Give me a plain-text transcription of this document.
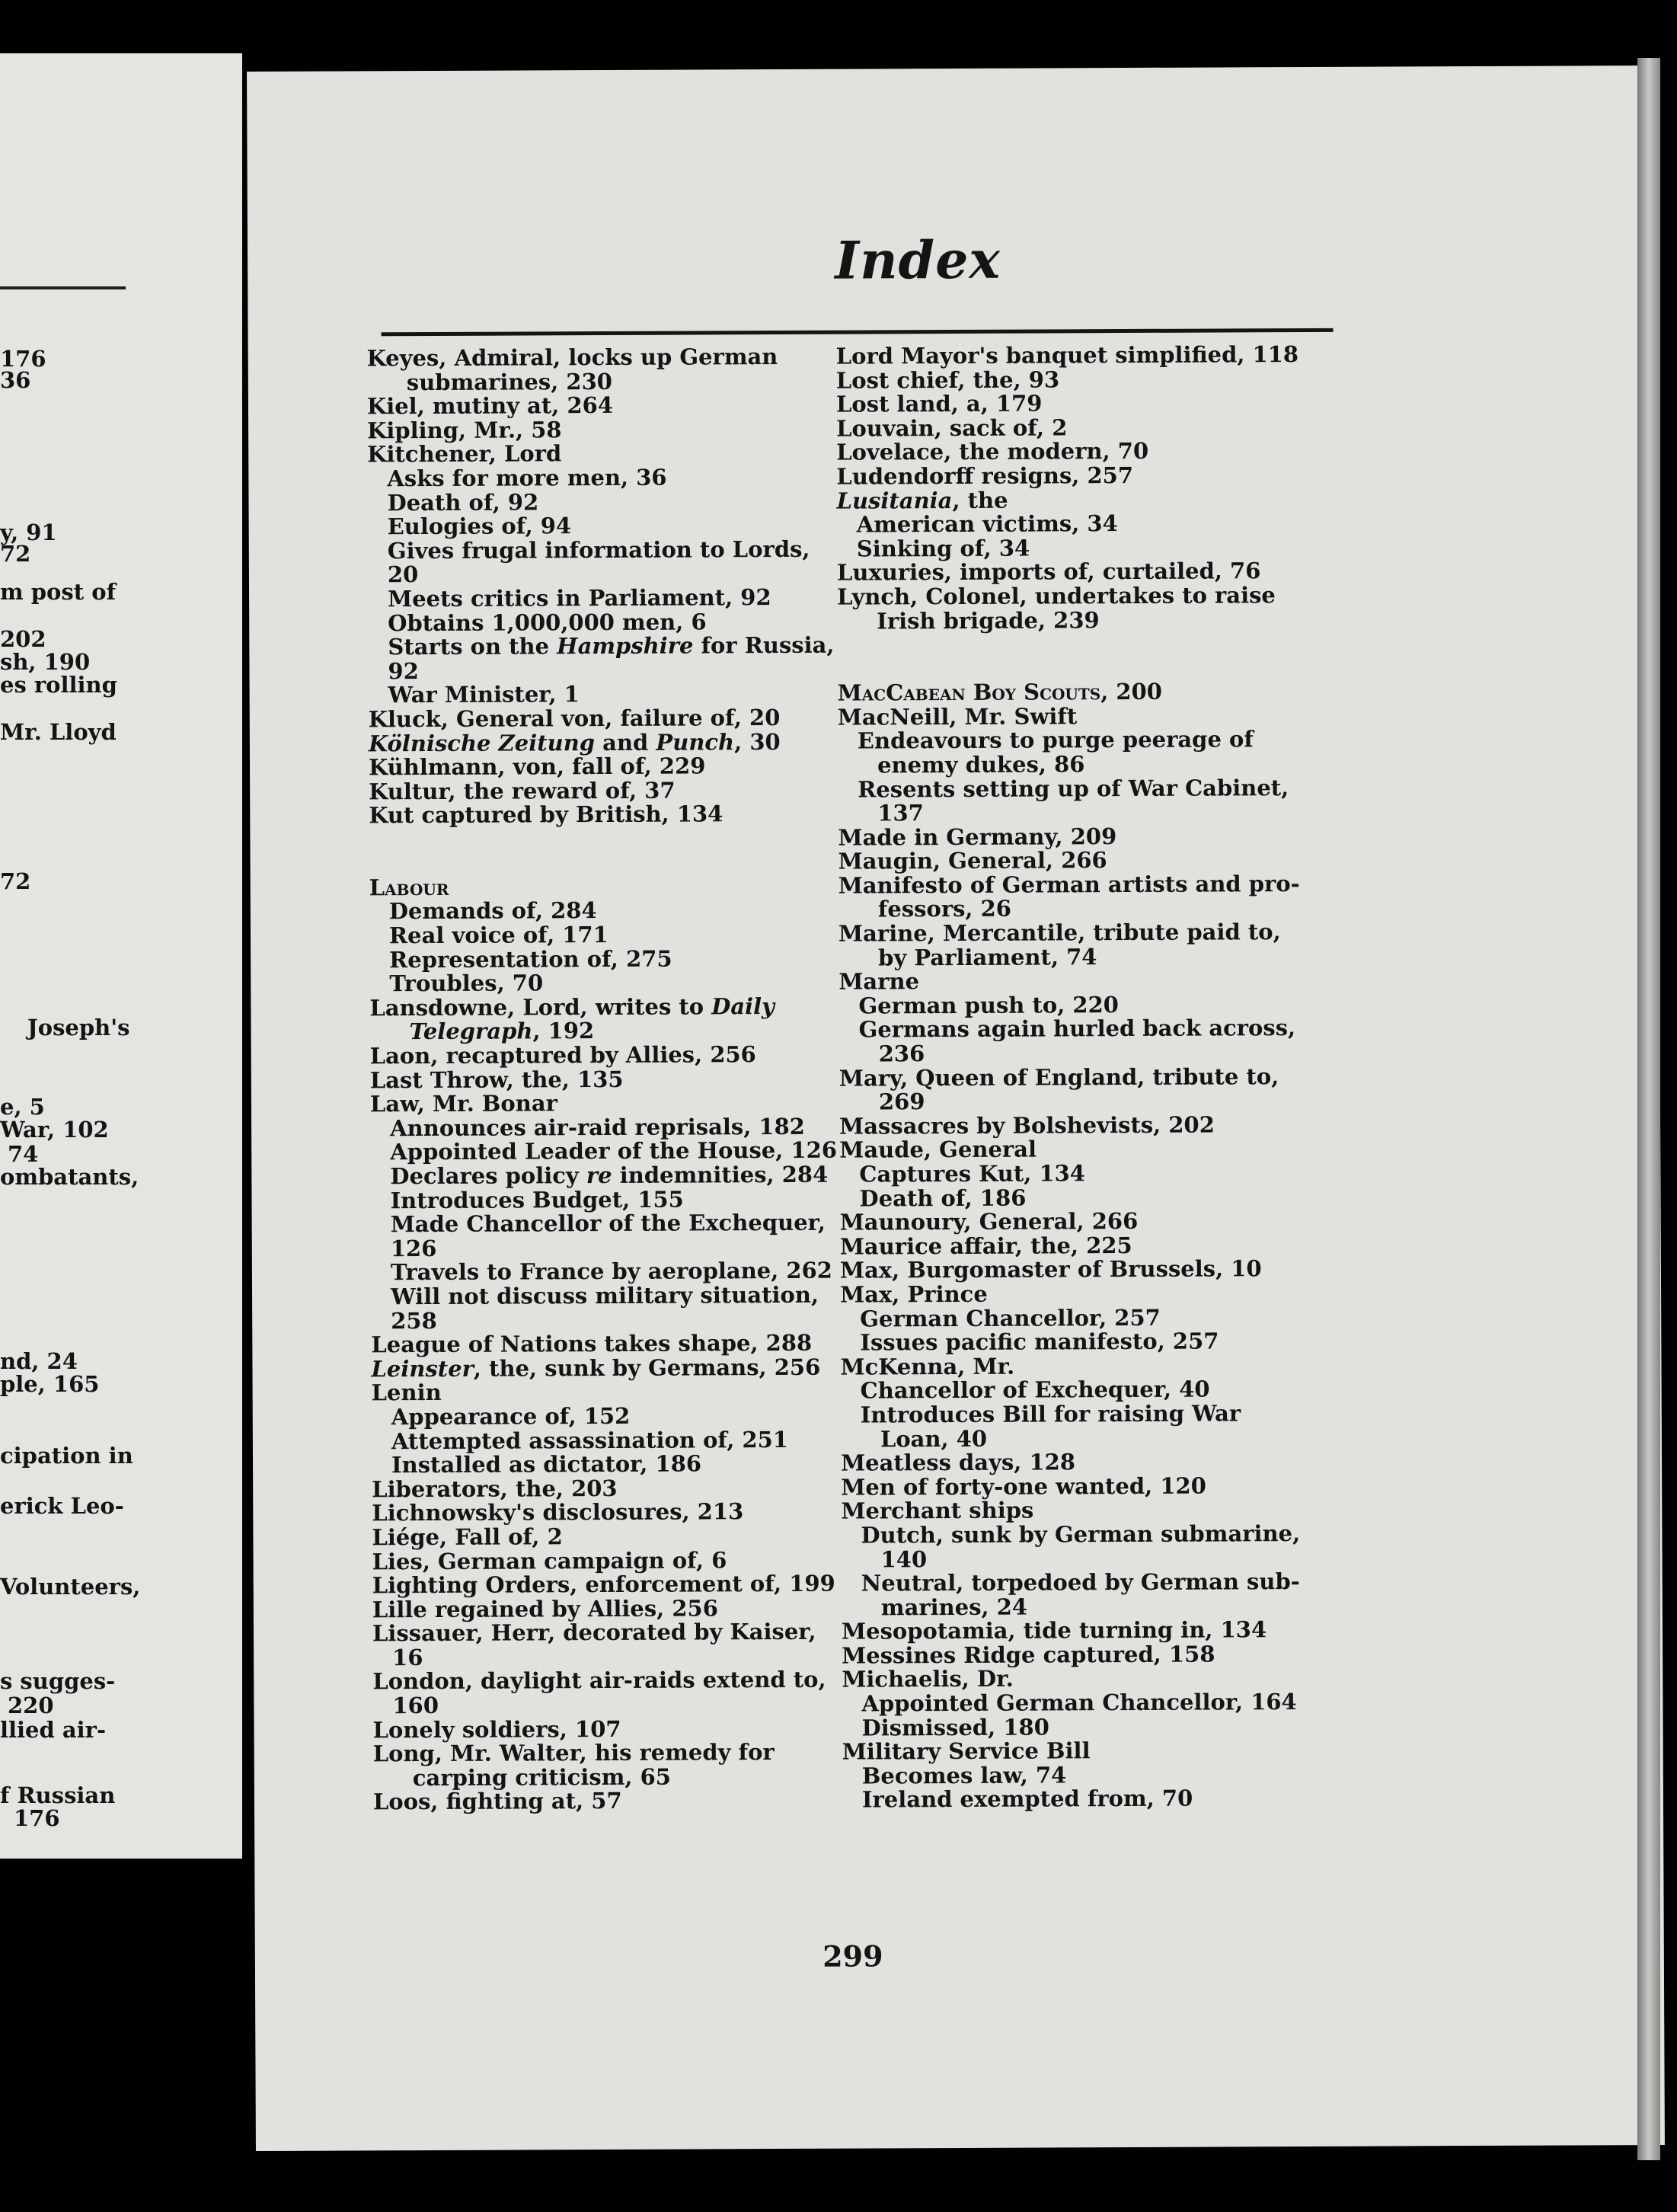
176
36
y, 91
72
m post of
202
sh, 190
es rolling
Mr. Lloyd
72
Joseph's
e, 5
War, 102
74
ombatants,
nd, 24
ple, 165
cipation in
erick Leo-
Volunteers,
s sugges-
220
llied air-
f Russian
176
Index
Keyes, Admiral, locks up German
submarines, 230
Kiel, mutiny at, 264
Kipling, Mr., 58
Kitchener, Lord
Asks for more men, 36
Death of, 92
Eulogies of, 94
Gives frugal information to Lords,
20
Meets critics in Parliament, 92
Obtains 1,000,000 men, 6
Starts on the Hampshire for Russia,
92
War Minister, 1
Kluck, General von, failure of, 20
Kölnische Zeitung and Punch, 30
Kühlmann, von, fall of, 229
Kultur, the reward of, 37
Kut captured by British, 134
Labour
Demands of, 284
Real voice of, 171
Representation of, 275
Troubles, 70
Lansdowne, Lord, writes to Daily
Telegraph, 192
Laon, recaptured by Allies, 256
Last Throw, the, 135
Law, Mr. Bonar
Announces air-raid reprisals, 182
Appointed Leader of the House, 126
Declares policy re indemnities, 284
Introduces Budget, 155
Made Chancellor of the Exchequer,
126
Travels to France by aeroplane, 262
Will not discuss military situation,
258
League of Nations takes shape, 288
Leinster, the, sunk by Germans, 256
Lenin
Appearance of, 152
Attempted assassination of, 251
Installed as dictator, 186
Liberators, the, 203
Lichnowsky's disclosures, 213
Liége, Fall of, 2
Lies, German campaign of, 6
Lighting Orders, enforcement of, 199
Lille regained by Allies, 256
Lissauer, Herr, decorated by Kaiser,
16
London, daylight air-raids extend to,
160
Lonely soldiers, 107
Long, Mr. Walter, his remedy for
carping criticism, 65
Loos, fighting at, 57
Lord Mayor's banquet simplified, 118
Lost chief, the, 93
Lost land, a, 179
Louvain, sack of, 2
Lovelace, the modern, 70
Ludendorff resigns, 257
Lusitania, the
American victims, 34
Sinking of, 34
Luxuries, imports of, curtailed, 76
Lynch, Colonel, undertakes to raise
Irish brigade, 239
MacCabean Boy Scouts, 200
MacNeill, Mr. Swift
Endeavours to purge peerage of
enemy dukes, 86
Resents setting up of War Cabinet,
137
Made in Germany, 209
Maugin, General, 266
Manifesto of German artists and pro-
fessors, 26
Marine, Mercantile, tribute paid to,
by Parliament, 74
Marne
German push to, 220
Germans again hurled back across,
236
Mary, Queen of England, tribute to,
269
Massacres by Bolshevists, 202
Maude, General
Captures Kut, 134
Death of, 186
Maunoury, General, 266
Maurice affair, the, 225
Max, Burgomaster of Brussels, 10
Max, Prince
German Chancellor, 257
Issues pacific manifesto, 257
McKenna, Mr.
Chancellor of Exchequer, 40
Introduces Bill for raising War
Loan, 40
Meatless days, 128
Men of forty-one wanted, 120
Merchant ships
Dutch, sunk by German submarine,
140
Neutral, torpedoed by German sub-
marines, 24
Mesopotamia, tide turning in, 134
Messines Ridge captured, 158
Michaelis, Dr.
Appointed German Chancellor, 164
Dismissed, 180
Military Service Bill
Becomes law, 74
Ireland exempted from, 70
299
